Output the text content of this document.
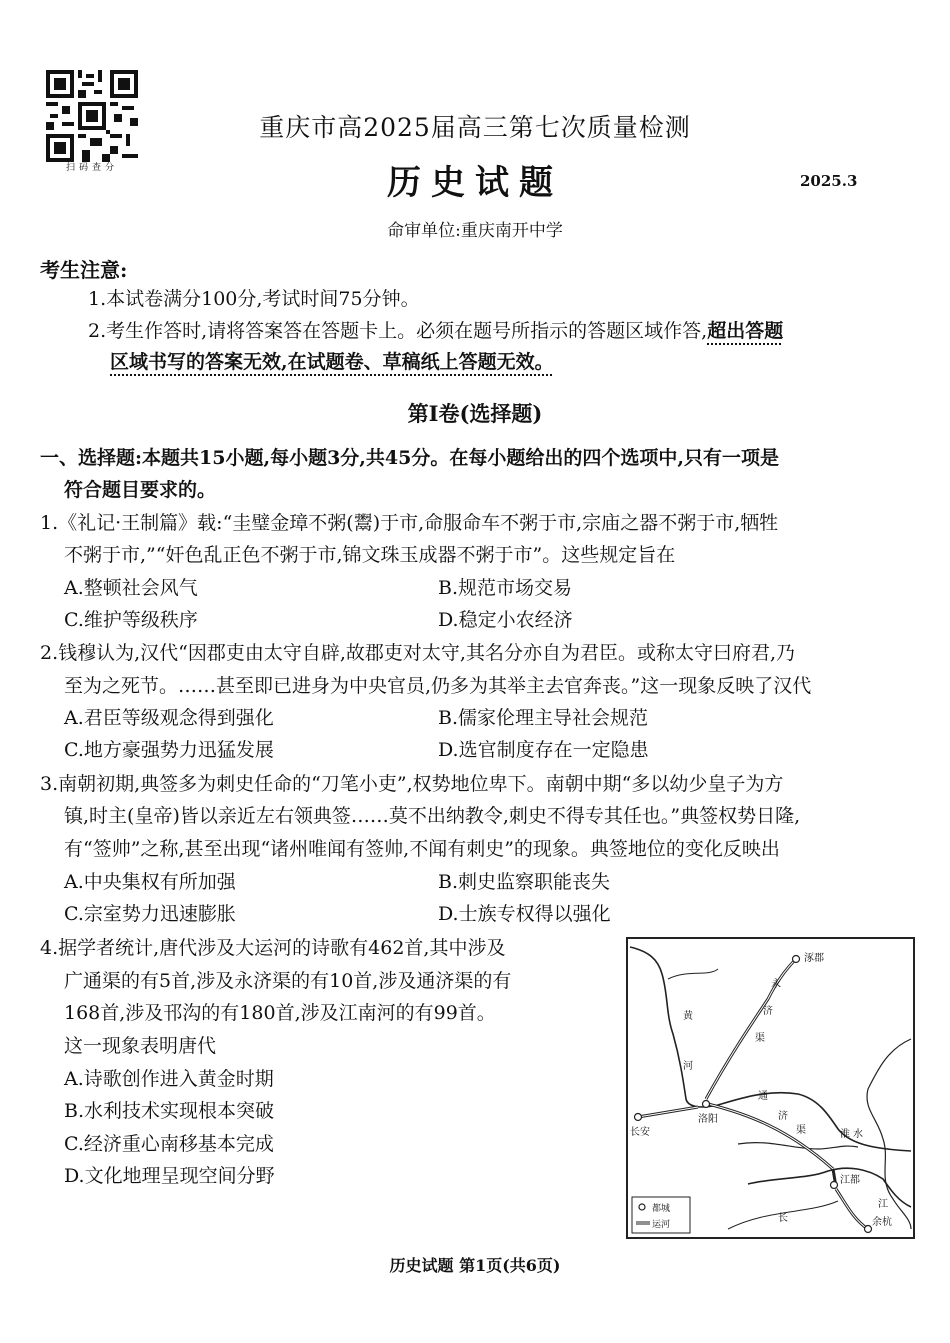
扫码查分
重庆市高2025届高三第七次质量检测
历史试题	2025.3
命审单位:重庆南开中学
考生注意:
1.本试卷满分100分,考试时间75分钟。
2.考生作答时,请将答案答在答题卡上。必须在题号所指示的答题区域作答,超出答题
区域书写的答案无效,在试题卷、草稿纸上答题无效。
第Ⅰ卷(选择题)
一、选择题:本题共15小题,每小题3分,共45分。在每小题给出的四个选项中,只有一项是
符合题目要求的。
1.《礼记·王制篇》载:“圭璧金璋不粥(鬻)于市,命服命车不粥于市,宗庙之器不粥于市,牺牲
不粥于市,”“奸色乱正色不粥于市,锦文珠玉成器不粥于市”。这些规定旨在
A.整顿社会风气	B.规范市场交易
C.维护等级秩序	D.稳定小农经济
2.钱穆认为,汉代“因郡吏由太守自辟,故郡吏对太守,其名分亦自为君臣。或称太守曰府君,乃
至为之死节。……甚至即已进身为中央官员,仍多为其举主去官奔丧。”这一现象反映了汉代
A.君臣等级观念得到强化	B.儒家伦理主导社会规范
C.地方豪强势力迅猛发展	D.选官制度存在一定隐患
3.南朝初期,典签多为刺史任命的“刀笔小吏”,权势地位卑下。南朝中期“多以幼少皇子为方
镇,时主(皇帝)皆以亲近左右领典签……莫不出纳教令,刺史不得专其任也。”典签权势日隆,
有“签帅”之称,甚至出现“诸州唯闻有签帅,不闻有刺史”的现象。典签地位的变化反映出
A.中央集权有所加强	B.刺史监察职能丧失
C.宗室势力迅速膨胀	D.士族专权得以强化
4.据学者统计,唐代涉及大运河的诗歌有462首,其中涉及
广通渠的有5首,涉及永济渠的有10首,涉及通济渠的有
168首,涉及邗沟的有180首,涉及江南河的有99首。
这一现象表明唐代
A.诗歌创作进入黄金时期
B.水利技术实现根本突破
C.经济重心南移基本完成
D.文化地理呈现空间分野
涿郡
长安
洛阳
江都
余杭
黄
河
永
济
渠
通
济
渠	淮 水
江
长
都城
运河
历史试题 第1页(共6页)
